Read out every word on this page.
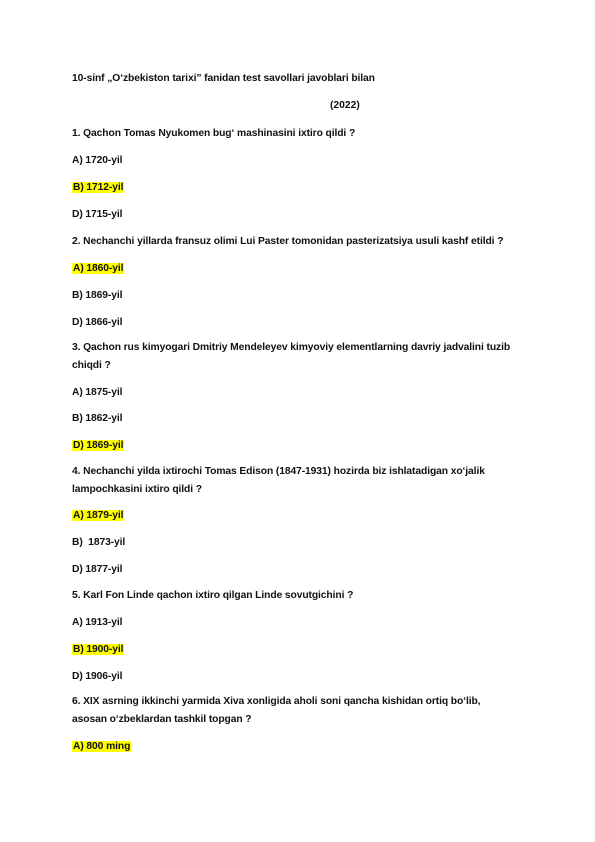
10-sinf „O‘zbekiston tarixi” fanidan test savollari javoblari bilan
(2022)
1. Qachon Tomas Nyukomen bug‘ mashinasini ixtiro qildi ?
A) 1720-yil
B) 1712-yil
D) 1715-yil
2. Nechanchi yillarda fransuz olimi Lui Paster tomonidan pasterizatsiya usuli kashf etildi ?
A) 1860-yil
B) 1869-yil
D) 1866-yil
3. Qachon rus kimyogari Dmitriy Mendeleyev kimyoviy elementlarning davriy jadvalini tuzib chiqdi ?
A) 1875-yil
B) 1862-yil
D) 1869-yil
4. Nechanchi yilda ixtirochi Tomas Edison (1847-1931) hozirda biz ishlatadigan xo‘jalik lampochkasini ixtiro qildi ?
A) 1879-yil
B)  1873-yil
D) 1877-yil
5. Karl Fon Linde qachon ixtiro qilgan Linde sovutgichini ?
A) 1913-yil
B) 1900-yil
D) 1906-yil
6. XIX asrning ikkinchi yarmida Xiva xonligida aholi soni qancha kishidan ortiq bo‘lib, asosan o‘zbeklardan tashkil topgan ?
A) 800 ming
